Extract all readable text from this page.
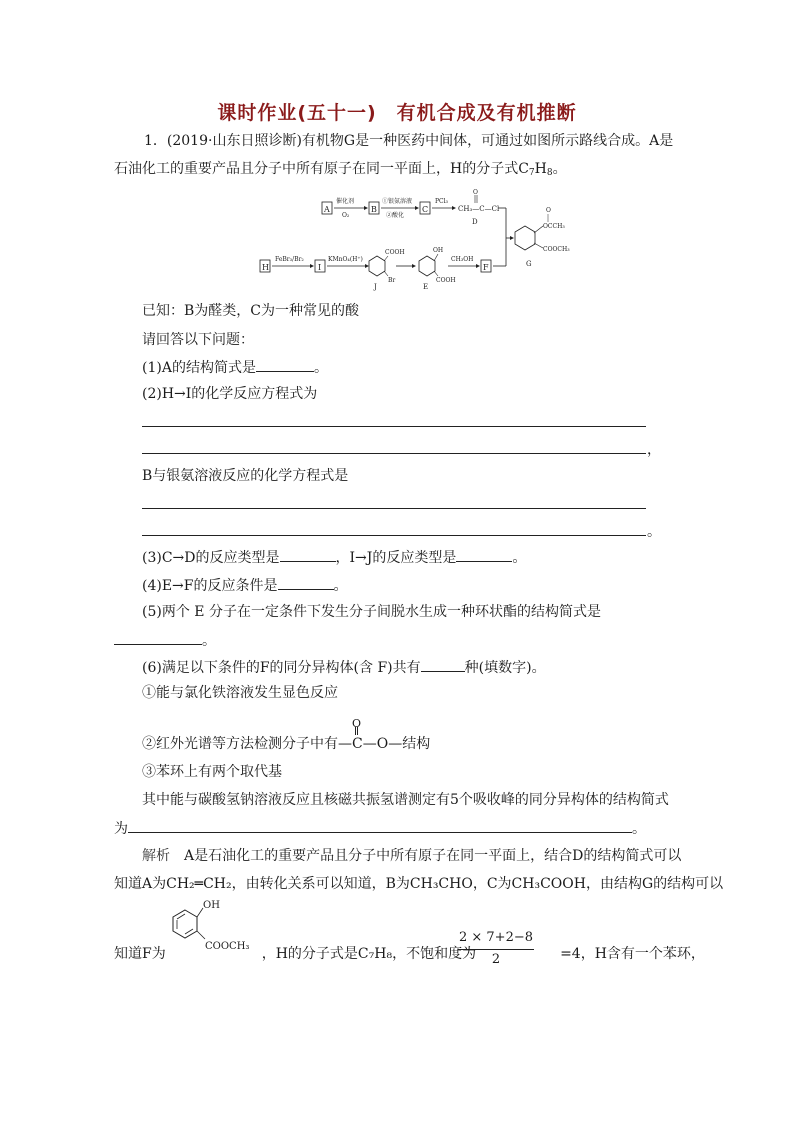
课时作业(五十一)　有机合成及有机推断
1．(2019·山东日照诊断)有机物G是一种医药中间体，可通过如图所示路线合成。A是
石油化工的重要产品且分子中所有原子在同一平面上，H的分子式$C_7H_8$。
A
催化剂
O₂
B
①银氨溶液
②酸化
C
PCl₃
O
CH₃—C—Cl
D
OCCH₃
O
COOCH₃
G
H
FeBr₃/Br₂
I
KMnO₄(H⁺)
COOH
Br
J
OH
COOH
E
CH₃OH
F
已知：B为醛类，C为一种常见的酸
请回答以下问题：
(1)A的结构简式是	。
(2)H→I的化学反应方程式为
，
B与银氨溶液反应的化学方程式是
。
(3)C→D的反应类型是	，I→J的反应类型是	。
(4)E→F的反应条件是	。
(5)两个 E 分子在一定条件下发生分子间脱水生成一种环状酯的结构简式是
。
(6)满足以下条件的F的同分异构体(含 F)共有	种(填数字)。
①能与氯化铁溶液发生显色反应
②红外光谱等方法检测分子中有
O
—C—O—结构
③苯环上有两个取代基
其中能与碳酸氢钠溶液反应且核磁共振氢谱测定有5个吸收峰的同分异构体的结构简式
为	。
解析　 A是石油化工的重要产品且分子中所有原子在同一平面上，结合D的结构简式可以
知道A为CH₂═CH₂，由转化关系可以知道，B为CH₃CHO，C为CH₃COOH，由结构G的结构可以
知道F为	，H的分子式是C₇H₈，不饱和度为	=4，H含有一个苯环，
OH
COOCH₃
2 × 7+2−8
2
